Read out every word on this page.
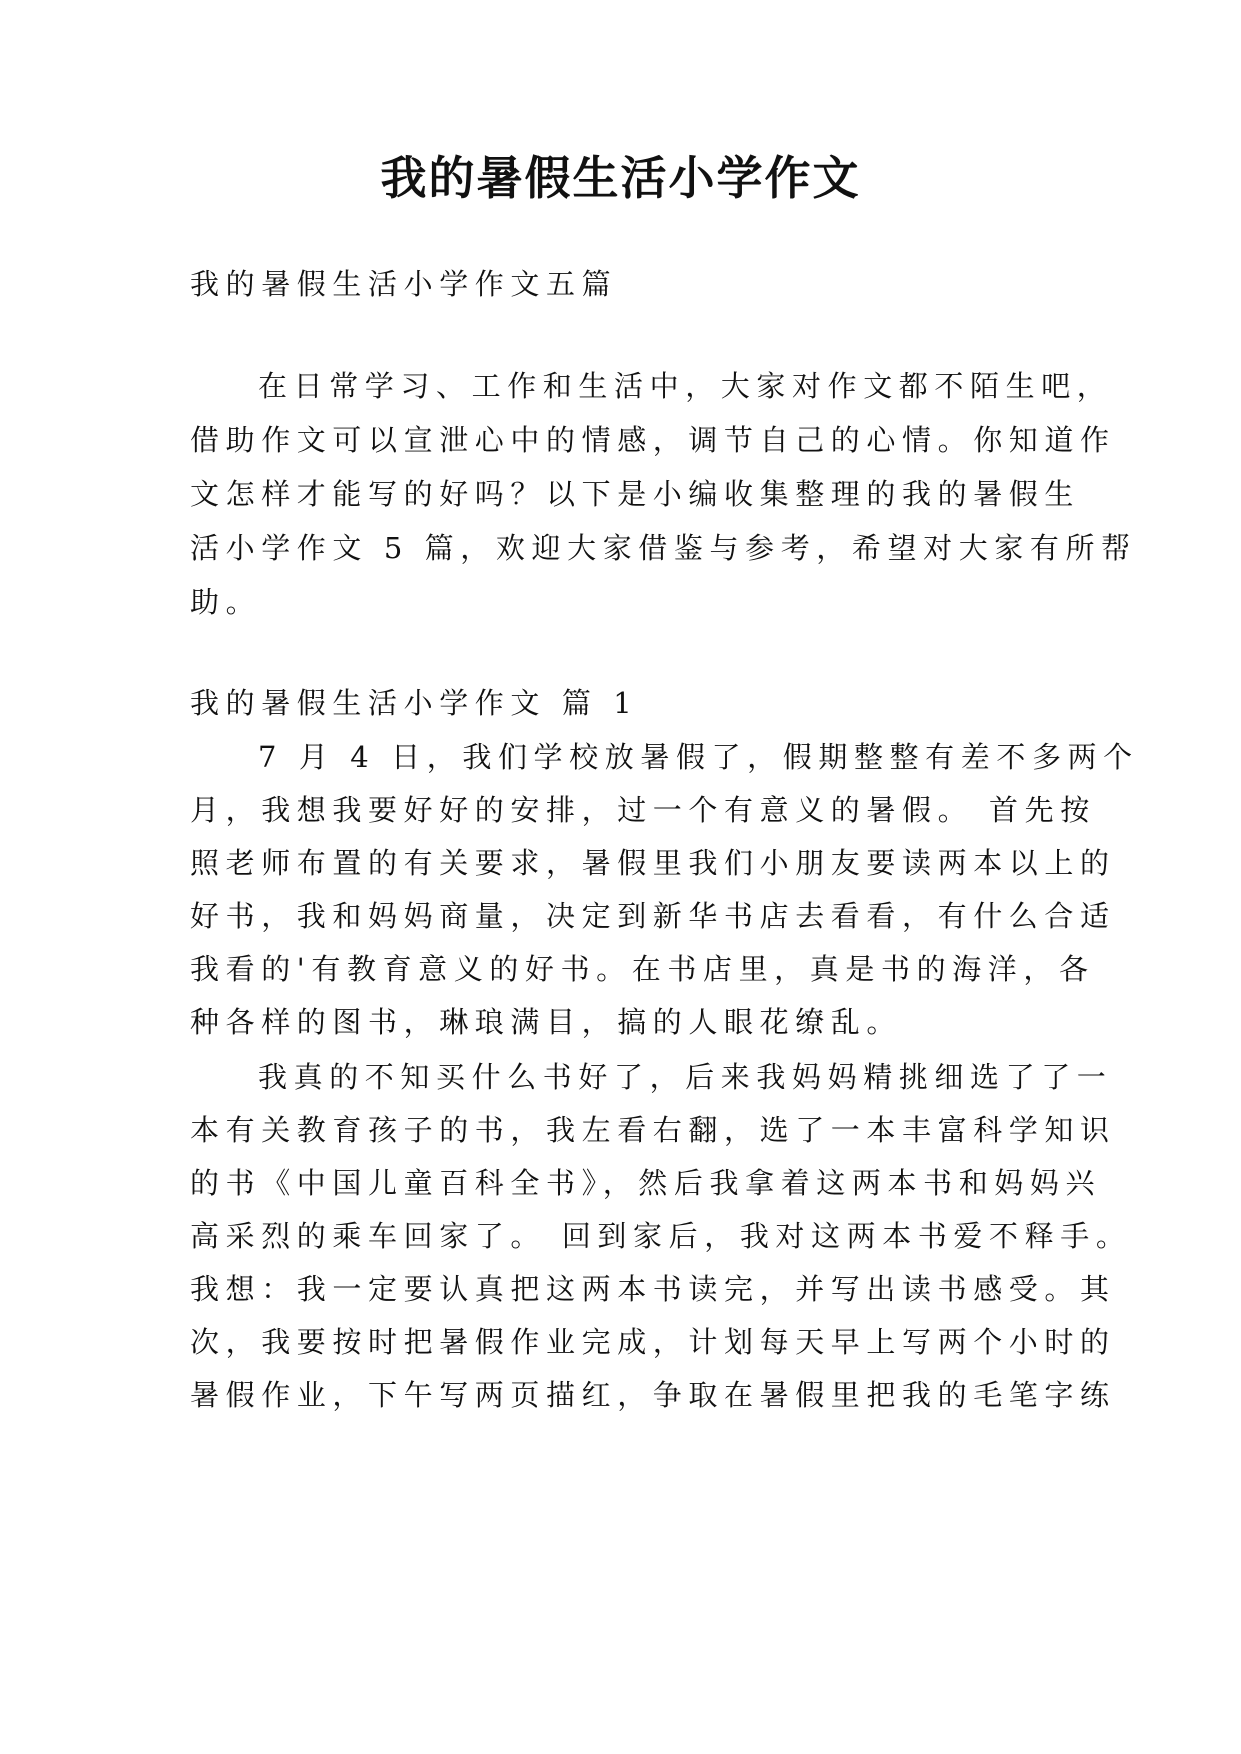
我的暑假生活小学作文

我的暑假生活小学作文五篇

在日常学习、工作和生活中，大家对作文都不陌生吧，

借助作文可以宣泄心中的情感，调节自己的心情。你知道作

文怎样才能写的好吗？以下是小编收集整理的我的暑假生

活小学作文 5 篇，欢迎大家借鉴与参考，希望对大家有所帮

助。

我的暑假生活小学作文 篇 1

7 月 4 日，我们学校放暑假了，假期整整有差不多两个

月，我想我要好好的安排，过一个有意义的暑假。 首先按

照老师布置的有关要求，暑假里我们小朋友要读两本以上的

好书，我和妈妈商量，决定到新华书店去看看，有什么合适

我看的'有教育意义的好书。在书店里，真是书的海洋，各

种各样的图书，琳琅满目，搞的人眼花缭乱。

我真的不知买什么书好了，后来我妈妈精挑细选了了一

本有关教育孩子的书，我左看右翻，选了一本丰富科学知识

的书《中国儿童百科全书》，然后我拿着这两本书和妈妈兴

高采烈的乘车回家了。 回到家后，我对这两本书爱不释手。

我想：我一定要认真把这两本书读完，并写出读书感受。其

次，我要按时把暑假作业完成，计划每天早上写两个小时的

暑假作业，下午写两页描红，争取在暑假里把我的毛笔字练
